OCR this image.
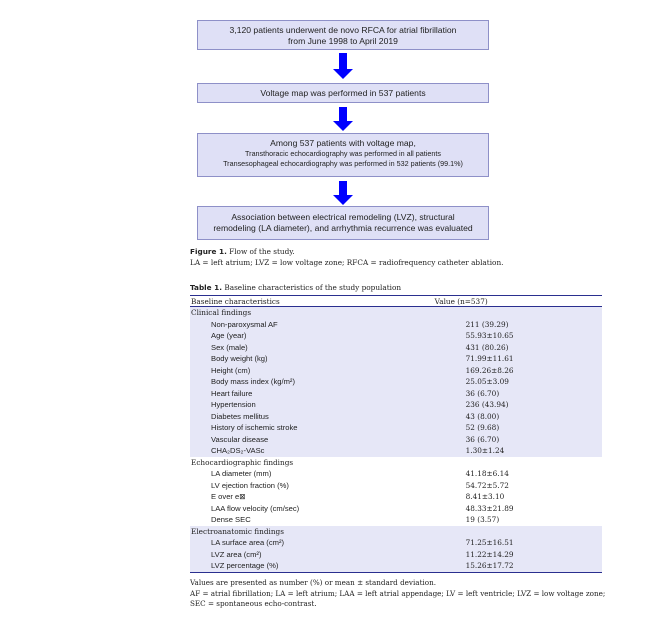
3,120 patients underwent de novo RFCA for atrial fibrillation
from June 1998 to April 2019
Voltage map was performed in 537 patients
Among 537 patients with voltage map,
Transthoracic echocardiography was performed in all patients
Transesophageal echocardiography was performed in 532 patients (99.1%)
Association between electrical remodeling (LVZ), structural
remodeling (LA diameter), and arrhythmia recurrence was evaluated
Figure 1. Flow of the study.
LA = left atrium; LVZ = low voltage zone; RFCA = radiofrequency catheter ablation.
Table 1. Baseline characteristics of the study population
Baseline characteristics	Value (n=537)
Clinical findings	
Non-paroxysmal AF	211 (39.29)
Age (year)	55.93±10.65
Sex (male)	431 (80.26)
Body weight (kg)	71.99±11.61
Height (cm)	169.26±8.26
Body mass index (kg/m²)	25.05±3.09
Heart failure	36 (6.70)
Hypertension	236 (43.94)
Diabetes mellitus	43 (8.00)
History of ischemic stroke	52 (9.68)
Vascular disease	36 (6.70)
CHA₂DS₂-VASc	1.30±1.24
Echocardiographic findings	
LA diameter (mm)	41.18±6.14
LV ejection fraction (%)	54.72±5.72
E over e⊠	8.41±3.10
LAA flow velocity (cm/sec)	48.33±21.89
Dense SEC	19 (3.57)
Electroanatomic findings	
LA surface area (cm²)	71.25±16.51
LVZ area (cm²)	11.22±14.29
LVZ percentage (%)	15.26±17.72
Values are presented as number (%) or mean ± standard deviation.
AF = atrial fibrillation; LA = left atrium; LAA = left atrial appendage; LV = left ventricle; LVZ = low voltage zone; SEC = spontaneous echo-contrast.
